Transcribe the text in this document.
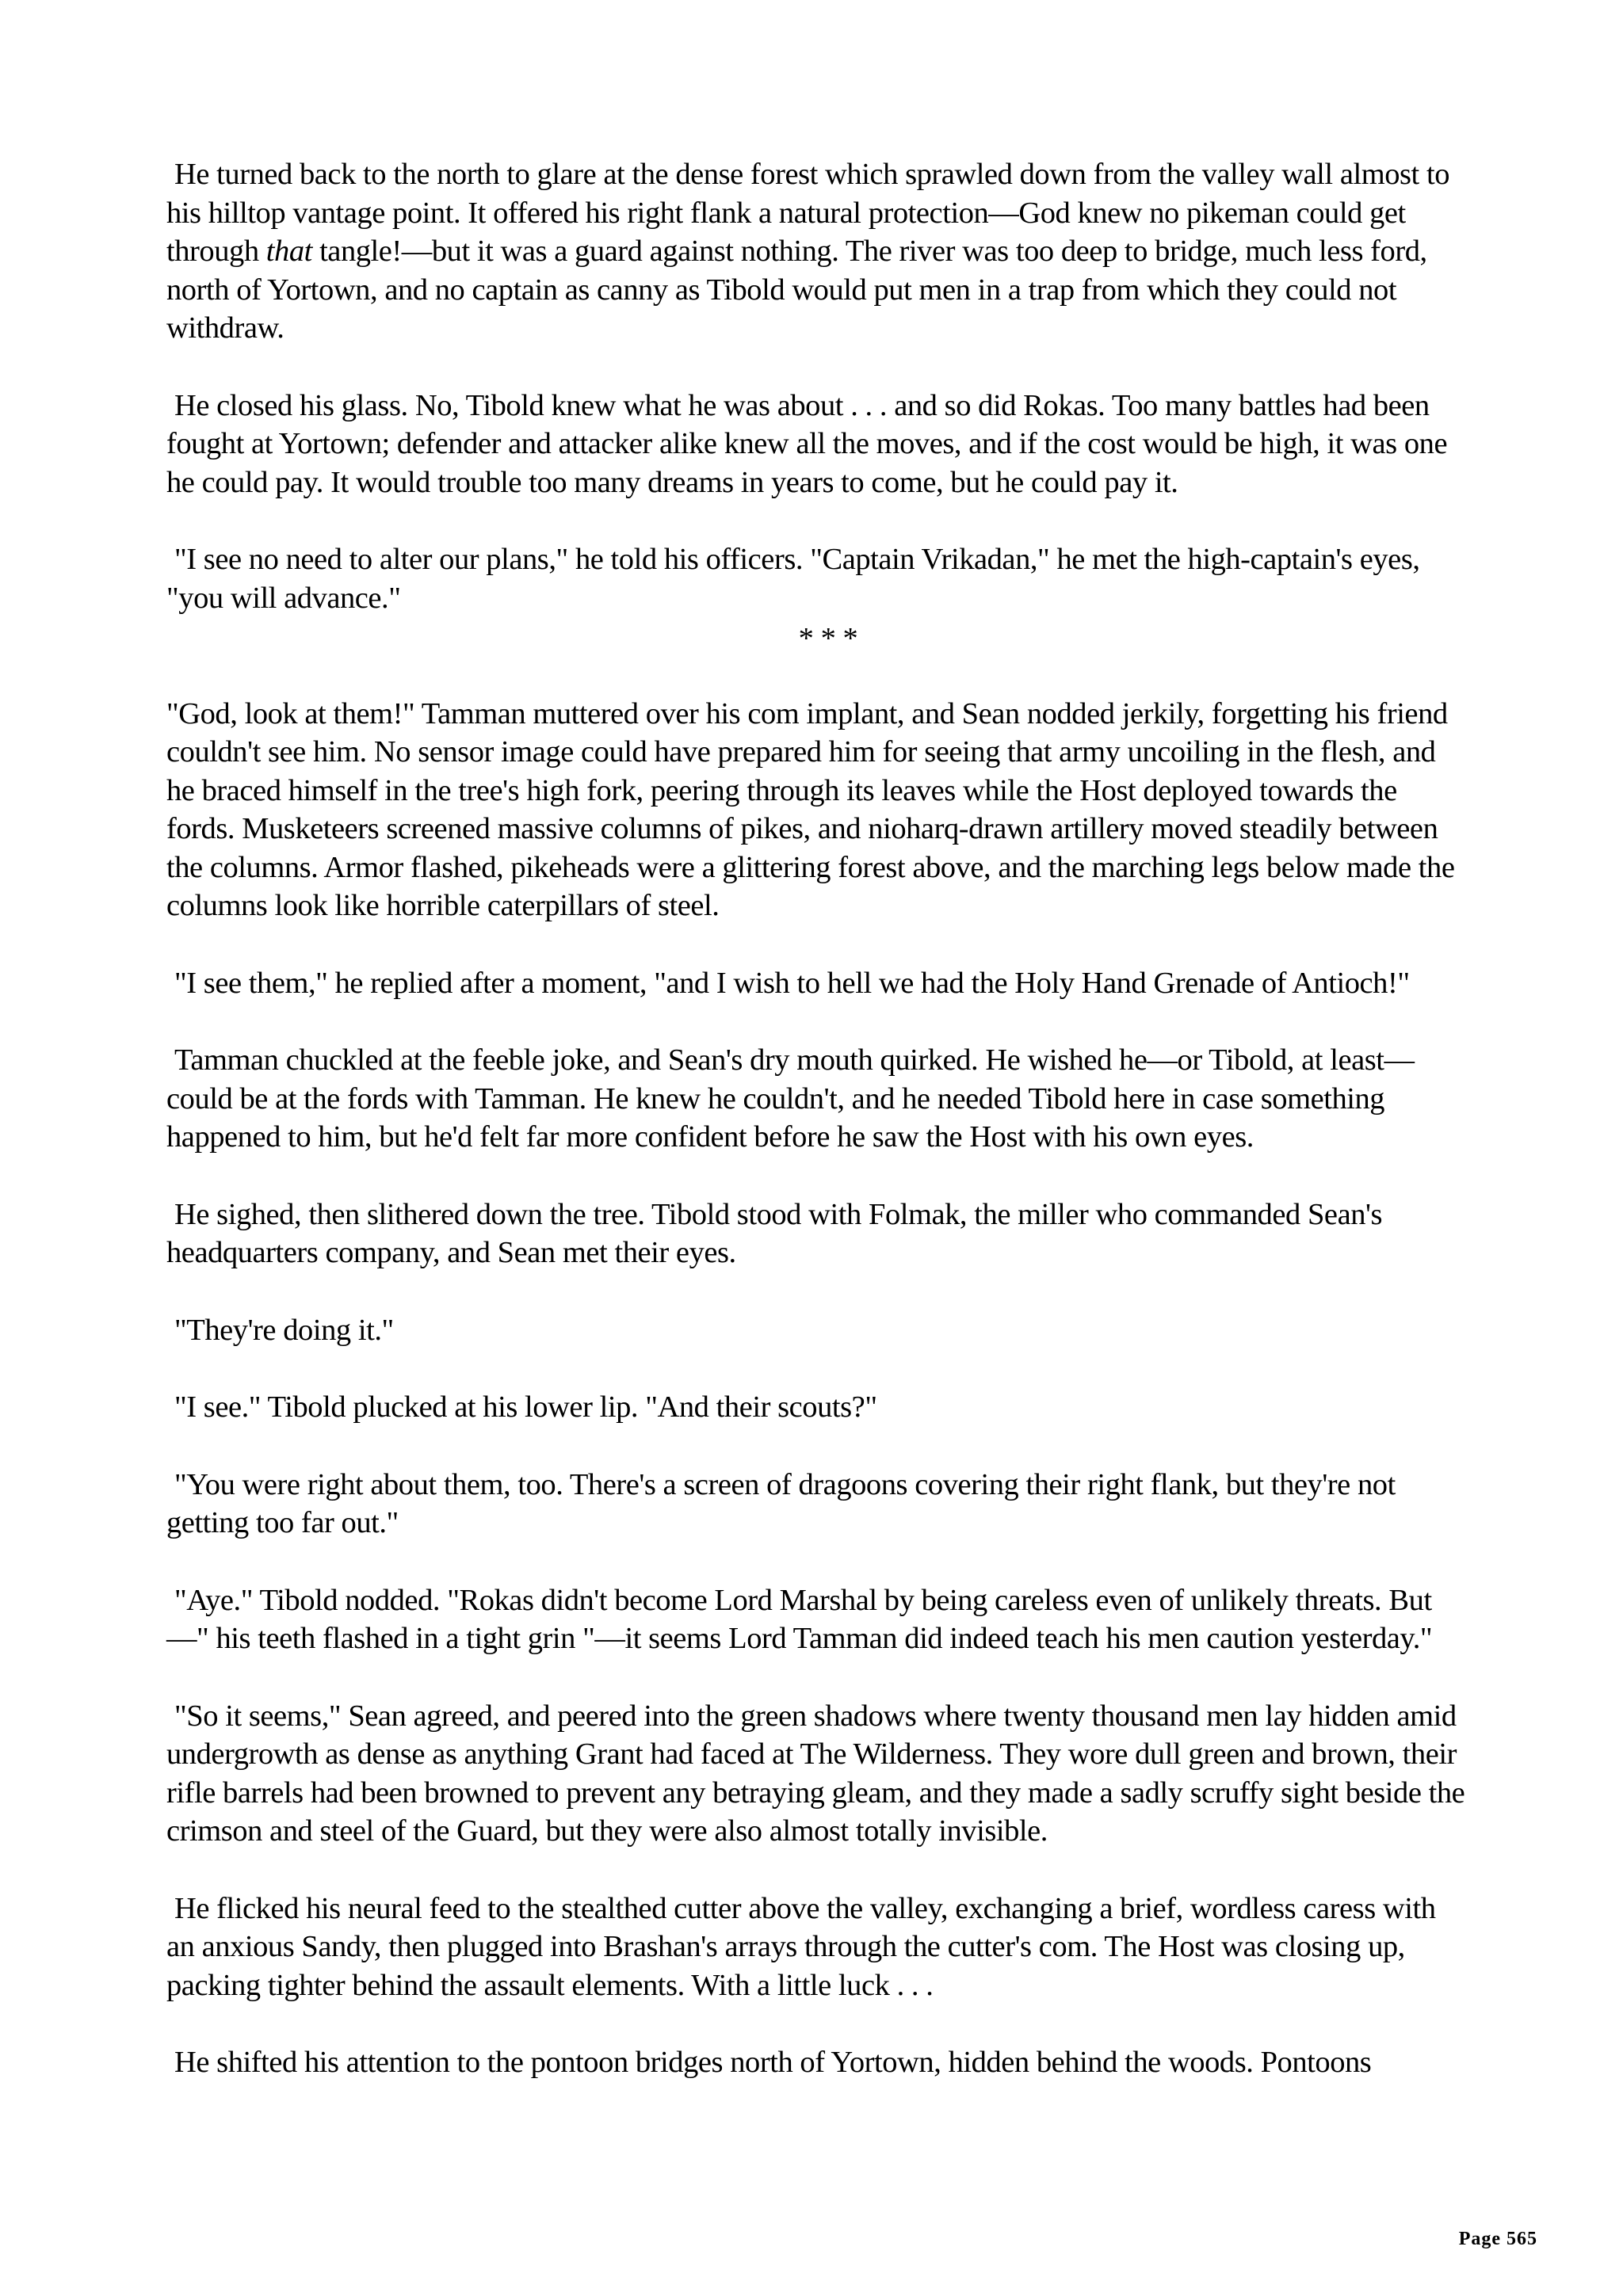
He turned back to the north to glare at the dense forest which sprawled down from the valley wall almost to his hilltop vantage point. It offered his right flank a natural protection—God knew no pikeman could get through that tangle!—but it was a guard against nothing. The river was too deep to bridge, much less ford, north of Yortown, and no captain as canny as Tibold would put men in a trap from which they could not withdraw.

He closed his glass. No, Tibold knew what he was about . . . and so did Rokas. Too many battles had been fought at Yortown; defender and attacker alike knew all the moves, and if the cost would be high, it was one he could pay. It would trouble too many dreams in years to come, but he could pay it.

"I see no need to alter our plans," he told his officers. "Captain Vrikadan," he met the high-captain's eyes, "you will advance."

* * *

"God, look at them!" Tamman muttered over his com implant, and Sean nodded jerkily, forgetting his friend couldn't see him. No sensor image could have prepared him for seeing that army uncoiling in the flesh, and he braced himself in the tree's high fork, peering through its leaves while the Host deployed towards the fords. Musketeers screened massive columns of pikes, and nioharq-drawn artillery moved steadily between the columns. Armor flashed, pikeheads were a glittering forest above, and the marching legs below made the columns look like horrible caterpillars of steel.

"I see them," he replied after a moment, "and I wish to hell we had the Holy Hand Grenade of Antioch!"

Tamman chuckled at the feeble joke, and Sean's dry mouth quirked. He wished he—or Tibold, at least—could be at the fords with Tamman. He knew he couldn't, and he needed Tibold here in case something happened to him, but he'd felt far more confident before he saw the Host with his own eyes.

He sighed, then slithered down the tree. Tibold stood with Folmak, the miller who commanded Sean's headquarters company, and Sean met their eyes.

"They're doing it."

"I see." Tibold plucked at his lower lip. "And their scouts?"

"You were right about them, too. There's a screen of dragoons covering their right flank, but they're not getting too far out."

"Aye." Tibold nodded. "Rokas didn't become Lord Marshal by being careless even of unlikely threats. But—" his teeth flashed in a tight grin "—it seems Lord Tamman did indeed teach his men caution yesterday."

"So it seems," Sean agreed, and peered into the green shadows where twenty thousand men lay hidden amid undergrowth as dense as anything Grant had faced at The Wilderness. They wore dull green and brown, their rifle barrels had been browned to prevent any betraying gleam, and they made a sadly scruffy sight beside the crimson and steel of the Guard, but they were also almost totally invisible.

He flicked his neural feed to the stealthed cutter above the valley, exchanging a brief, wordless caress with an anxious Sandy, then plugged into Brashan's arrays through the cutter's com. The Host was closing up, packing tighter behind the assault elements. With a little luck . . .

He shifted his attention to the pontoon bridges north of Yortown, hidden behind the woods. Pontoons

Page 565
